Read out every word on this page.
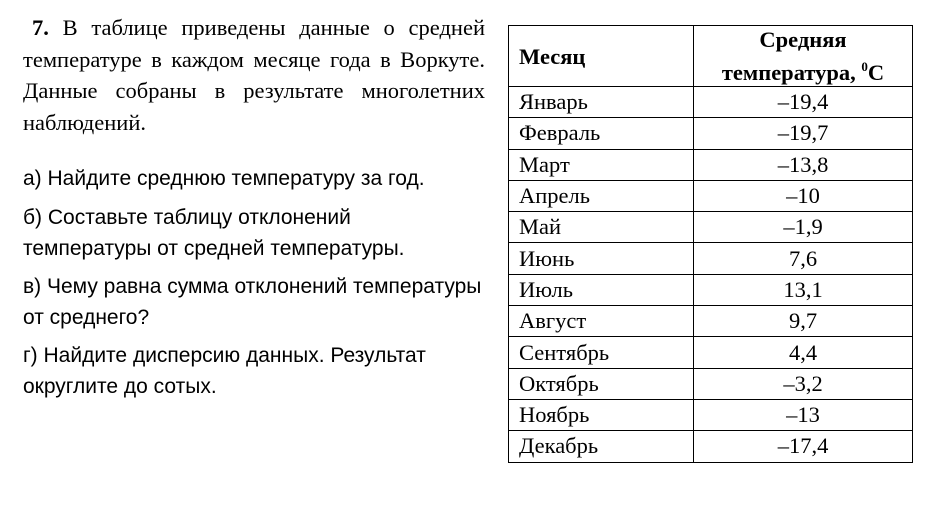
7. В таблице приведены данные о средней температуре в каждом месяце года в Воркуте. Данные собраны в результате многолетних наблюдений.

а) Найдите среднюю температуру за год.

б) Составьте таблицу отклонений температуры от средней температуры.

в) Чему равна сумма отклонений температуры от среднего?

г) Найдите дисперсию данных. Результат округлите до сотых.

Месяц	Средняя
температура, $^0$С
Январь	–19,4
Февраль	–19,7
Март	–13,8
Апрель	–10
Май	–1,9
Июнь	7,6
Июль	13,1
Август	9,7
Сентябрь	4,4
Октябрь	–3,2
Ноябрь	–13
Декабрь	–17,4
